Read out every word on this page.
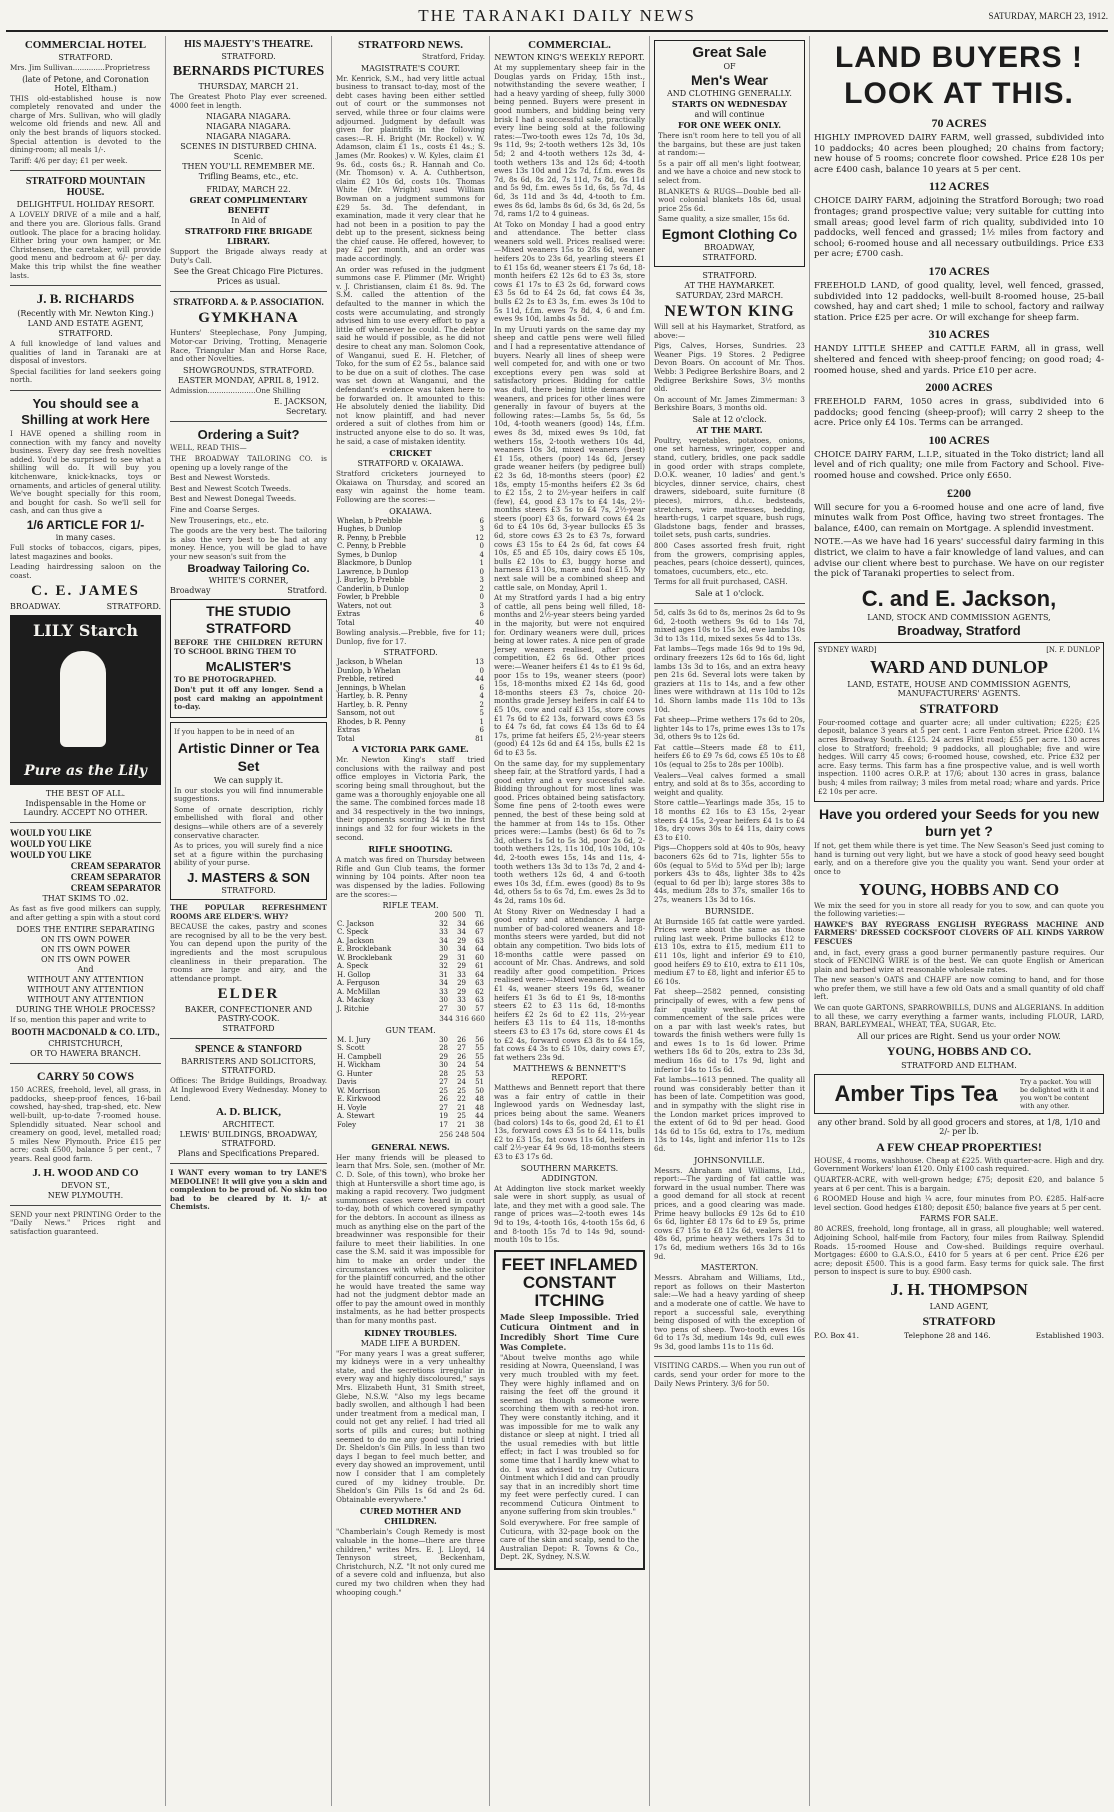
THE TARANAKI DAILY NEWS	SATURDAY, MARCH 23, 1912.
COMMERCIAL HOTEL
STRATFORD.
Mrs. Jim Sullivan..............Proprietress
(late of Petone, and Coronation Hotel, Eltham.)
THIS old-established house is now completely renovated and under the charge of Mrs. Sullivan, who will gladly welcome old friends and new. All and only the best brands of liquors stocked. Special attention is devoted to the dining-room; all meals 1/-.
Tariff: 4/6 per day; £1 per week.
STRATFORD MOUNTAIN HOUSE.
DELIGHTFUL HOLIDAY RESORT.
A LOVELY DRIVE of a mile and a half, and there you are. Glorious falls. Grand outlook. The place for a bracing holiday. Either bring your own hamper, or Mr. Christensen, the caretaker, will provide good menu and bedroom at 6/- per day. Make this trip whilst the fine weather lasts.
J. B. RICHARDS
(Recently with Mr. Newton King.)
LAND AND ESTATE AGENT,
STRATFORD.
A full knowledge of land values and qualities of land in Taranaki are at disposal of investors.
Special facilities for land seekers going north.
You should see a Shilling at work Here
I HAVE opened a shilling room in connection with my fancy and novelty business. Every day see fresh novelties added. You'd be surprised to see what a shilling will do. It will buy you kitchenware, knick-knacks, toys or ornaments, and articles of general utility. We've bought specially for this room, and bought for cash. So we'll sell for cash, and can thus give a
1/6 ARTICLE FOR 1/-
in many cases.
Full stocks of tobaccos, cigars, pipes, latest magazines and books.
Leading hairdressing saloon on the coast.
C. E. JAMES
BROADWAY.	STRATFORD.
LILY Starch
Pure as the Lily
THE BEST OF ALL.
Indispensable in the Home or Laundry. ACCEPT NO OTHER.
WOULD YOU LIKE
WOULD YOU LIKE
WOULD YOU LIKE
CREAM SEPARATOR
CREAM SEPARATOR
CREAM SEPARATOR
THAT SKIMS TO .02.
As fast as five good milkers can supply, and after getting a spin with a stout cord
DOES THE ENTIRE SEPARATING
ON ITS OWN POWER
ON ITS OWN POWER
ON ITS OWN POWER
And
WITHOUT ANY ATTENTION
WITHOUT ANY ATTENTION
WITHOUT ANY ATTENTION
DURING THE WHOLE PROCESS?
If so, mention this paper and write to
BOOTH MACDONALD & CO. LTD.,
CHRISTCHURCH,
OR TO HAWERA BRANCH.
CARRY 50 COWS
150 ACRES, freehold, level, all grass, in paddocks, sheep-proof fences, 16-bail cowshed, hay-shed, trap-shed, etc. New well-built, up-to-date 7-roomed house. Splendidly situated. Near school and creamery on good, level, metalled road; 5 miles New Plymouth. Price £15 per acre; cash £500, balance 5 per cent., 7 years. Real good farm.
J. H. WOOD AND CO
DEVON ST.,
NEW PLYMOUTH.
SEND your next PRINTING Order to the "Daily News." Prices right and satisfaction guaranteed.
HIS MAJESTY'S THEATRE.
STRATFORD.
BERNARDS PICTURES
THURSDAY, MARCH 21.
The Greatest Photo Play ever screened. 4000 feet in length.
NIAGARA NIAGARA.
NIAGARA NIAGARA.
NIAGARA NIAGARA.
SCENES IN DISTURBED CHINA.
Scenic.
THEN YOU'LL REMEMBER ME.
Trifling Beams, etc., etc.
FRIDAY, MARCH 22.
GREAT COMPLIMENTARY BENEFIT
In Aid of
STRATFORD FIRE BRIGADE LIBRARY.
Support the Brigade always ready at Duty's Call.
See the Great Chicago Fire Pictures.
Prices as usual.
STRATFORD A. & P. ASSOCIATION.
GYMKHANA
Hunters' Steeplechase, Pony Jumping, Motor-car Driving, Trotting, Menagerie Race, Triangular Man and Horse Race, and other Novelties.
SHOWGROUNDS, STRATFORD.
EASTER MONDAY, APRIL 8, 1912.
Admission.....................One Shilling
E. JACKSON,
Secretary.
Ordering a Suit?
WELL, READ THIS—
THE BROADWAY TAILORING CO. is opening up a lovely range of the
Best and Newest Worsteds.
Best and Newest Scotch Tweeds.
Best and Newest Donegal Tweeds.
Fine and Coarse Serges.
New Trouserings, etc., etc.
The goods are the very best. The tailoring is also the very best to be had at any money. Hence, you will be glad to have your new season's suit from the
Broadway Tailoring Co.
WHITE'S CORNER,
Broadway	Stratford.
THE STUDIO STRATFORD
BEFORE THE CHILDREN RETURN TO SCHOOL BRING THEM TO
McALISTER'S
TO BE PHOTOGRAPHED.
Don't put it off any longer. Send a post card making an appointment to-day.
If you happen to be in need of an
Artistic Dinner or Tea Set
We can supply it.
In our stocks you will find innumerable suggestions.
Some of ornate description, richly embellished with floral and other designs—while others are of a severely conservative character.
As to prices, you will surely find a nice set at a figure within the purchasing ability of your purse.
J. MASTERS & SON
STRATFORD.
THE POPULAR REFRESHMENT ROOMS ARE ELDER'S. WHY?
BECAUSE the cakes, pastry and scones are recognised by all to be the very best. You can depend upon the purity of the ingredients and the most scrupulous cleanliness in their preparation. The rooms are large and airy, and the attendance prompt.
ELDER
BAKER, CONFECTIONER AND PASTRY-COOK.
STRATFORD
SPENCE & STANFORD
BARRISTERS AND SOLICITORS, STRATFORD.
Offices: The Bridge Buildings, Broadway. At Inglewood Every Wednesday. Money to Lend.
A. D. BLICK,
ARCHITECT.
LEWIS' BUILDINGS, BROADWAY, STRATFORD.
Plans and Specifications Prepared.
I WANT every woman to try LANE'S MEDOLINE! It will give you a skin and complexion to be proud of. No skin too bad to be cleared by it. 1/- at Chemists.
STRATFORD NEWS.
Stratford, Friday.
MAGISTRATE'S COURT.
Mr. Kenrick, S.M., had very little actual business to transact to-day, most of the debt cases having been either settled out of court or the summonses not served, while three or four claims were adjourned. Judgment by default was given for plaintiffs in the following cases:—R. H. Bright (Mr. Rockel) v. W. Adamson, claim £1 1s., costs £1 4s.; S. James (Mr. Rookes) v. W. Kyles, claim £1 9s. 6d., costs 6s.; R. Hannah and Co. (Mr. Thomson) v. A. A. Cuthbertson, claim £2 10s 6d, costs 10s. Thomas White (Mr. Wright) sued William Bowman on a judgment summons for £29 5s. 3d. The defendant, in examination, made it very clear that he had not been in a position to pay the debt up to the present, sickness being the chief cause. He offered, however, to pay £2 per month, and an order was made accordingly.
An order was refused in the judgment summons case F. Plimmer (Mr. Wright) v. J. Christiansen, claim £1 8s. 9d. The S.M. called the attention of the defaulted to the manner in which the costs were accumulating, and strongly advised him to use every effort to pay a little off whenever he could. The debtor said he would if possible, as he did not desire to cheat any man. Solomon Cook, of Wanganui, sued E. H. Fletcher, of Toko, for the sum of £2 5s., balance said to be due on a suit of clothes. The case was set down at Wanganui, and the defendant's evidence was taken here to be forwarded on. It amounted to this: He absolutely denied the liability. Did not know plaintiff, and had never ordered a suit of clothes from him or instructed anyone else to do so. It was, he said, a case of mistaken identity.
CRICKET
STRATFORD v. OKAIAWA.
Stratford cricketers journeyed to Okaiawa on Thursday, and scored an easy win against the home team. Following are the scores:—
OKAIAWA.
Whelan, b Prebble	6
Hughes, b Dunlop	3
R. Penny, b Prebble	12
C. Penny, b Prebble	0
Symes, b Dunlop	4
Blackmore, b Dunlop	1
Lawrence, b Dunlop	0
J. Burley, b Prebble	3
Canderlin, b Dunlop	2
Fowler, b Prebble	0
Waters, not out	3
Extras	6
Total	40
Bowling analysis.—Prebble, five for 11; Dunlop, five for 17.
STRATFORD.
Jackson, b Whelan	13
Dunlop, b Whelan	0
Prebble, retired	44
Jennings, b Whelan	6
Hartley, b. R. Penny	4
Hartley, b. R. Penny	2
Sansom, not out	5
Rhodes, b R. Penny	1
Extras	6
Total	81
A VICTORIA PARK GAME.
Mr. Newton King's staff tried conclusions with the railway and post office employes in Victoria Park, the scoring being small throughout, but the game was a thoroughly enjoyable one all the same. The combined forces made 18 and 34 respectively in the two innings, their opponents scoring 34 in the first innings and 32 for four wickets in the second.
RIFLE SHOOTING.
A match was fired on Thursday between Rifle and Gun Club teams, the former winning by 104 points. After noon tea was dispensed by the ladies. Following are the scores:—
RIFLE TEAM.
	200	500	Tl.
C. Jackson	32	34	66
C. Speck	33	34	67
A. Jackson	34	29	63
E. Brocklebank	30	34	64
W. Brocklebank	29	31	60
A. Speck	32	29	61
H. Gollop	31	33	64
A. Ferguson	34	29	63
A. McMillan	33	29	62
A. Mackay	30	33	63
J. Ritchie	27	30	57
344 316 660
GUN TEAM.
M. I. Jury	30	26	56
S. Scott	28	27	55
H. Campbell	29	26	55
H. Wickham	30	24	54
G. Hunter	28	25	53
Davis	27	24	51
W. Morrison	25	25	50
E. Kirkwood	26	22	48
H. Voyle	27	21	48
A. Stewart	19	25	44
Foley	17	21	38
256 248 504
GENERAL NEWS.
Her many friends will be pleased to learn that Mrs. Sole, sen. (mother of Mr. C. D. Sole, of this town), who broke her thigh at Huntersville a short time ago, is making a rapid recovery. Two judgment summonses cases were heard in court to-day, both of which covered sympathy for the debtors. In account as illness as much as anything else on the part of the breadwinner was responsible for their failure to meet their liabilities. In one case the S.M. said it was impossible for him to make an order under the circumstances with which the solicitor for the plaintiff concurred, and the other he would have treated the same way had not the judgment debtor made an offer to pay the amount owed in monthly instalments, as he had better prospects than for many months past.
KIDNEY TROUBLES.
MADE LIFE A BURDEN.
"For many years I was a great sufferer, my kidneys were in a very unhealthy state, and the secretions irregular in every way and highly discoloured," says Mrs. Elizabeth Hunt, 31 Smith street, Glebe, N.S.W. "Also my legs became badly swollen, and although I had been under treatment from a medical man, I could not get any relief. I had tried all sorts of pills and cures; but nothing seemed to do me any good until I tried Dr. Sheldon's Gin Pills. In less than two days I began to feel much better, and every day showed an improvement, until now I consider that I am completely cured of my kidney trouble. Dr. Sheldon's Gin Pills 1s 6d and 2s 6d. Obtainable everywhere."
CURED MOTHER AND CHILDREN.
"Chamberlain's Cough Remedy is most valuable in the home—there are three children," writes Mrs. E. J. Lloyd, 14 Tennyson street, Beckenham, Christchurch, N.Z. "It not only cured me of a severe cold and influenza, but also cured my two children when they had whooping cough."
COMMERCIAL.
NEWTON KING'S WEEKLY REPORT.
At my supplementary sheep fair in the Douglas yards on Friday, 15th inst., notwithstanding the severe weather, I had a heavy yarding of sheep, fully 3000 being penned. Buyers were present in good numbers, and bidding being very brisk I had a successful sale, practically every line being sold at the following rates:—Two-tooth ewes 12s 7d, 10s 3d, 9s 11d, 9s; 2-tooth wethers 12s 3d, 10s 5d; 2 and 4-tooth wethers 12s 3d, 4-tooth wethers 13s and 12s 6d; 4-tooth ewes 13s 10d and 12s 7d, f.f.m. ewes 8s 7d, 8s 6d, 8s 2d, 7s 11d, 7s 8d, 6s 11d and 5s 9d, f.m. ewes 5s 1d, 6s, 5s 7d, 4s 6d, 3s 11d and 3s 4d, 4-tooth to f.m. ewes 8s 6d, lambs 8s 6d, 6s 3d, 6s 2d, 5s 7d, rams 1/2 to 4 guineas.
At Toko on Monday I had a good entry and attendance. The better class weaners sold well. Prices realised were:—Mixed weaners 15s to 28s 6d, weaner heifers 20s to 23s 6d, yearling steers £1 to £1 15s 6d, weaner steers £1 7s 6d, 18-month heifers £2 12s 6d to £3 3s, store cows £1 17s to £3 2s 6d, forward cows £3 5s 6d to £4 2s 6d, fat cows £4 3s, bulls £2 2s to £3 3s, f.m. ewes 3s 10d to 5s 11d, f.f.m. ewes 7s 8d, 4, 6 and f.m. ewes 9s 10d, lambs 4s 5d.
In my Uruuti yards on the same day my sheep and cattle pens were well filled and I had a representative attendance of buyers. Nearly all lines of sheep were well competed for, and with one or two exceptions every pen was sold at satisfactory prices. Bidding for cattle was dull, there being little demand for weaners, and prices for other lines were generally in favour of buyers at the following rates:—Lambs 5s, 5s 6d, 5s 10d, 4-tooth weaners (good) 14s, f.f.m. ewes 8s 3d, mixed ewes 9s 10d, fat wethers 15s, 2-tooth wethers 10s 4d, weaners 10s 3d, mixed weaners (best) £1 15s, others (poor) 14s 6d, Jersey grade weaner heifers (by pedigree bull) £2 3s 6d, 18-months steers (poor) £2 18s, empty 15-months heifers £2 3s 6d to £2 15s, 2 to 2½-year heifers in calf (few), £4, good £3 17s to £4 14s, 2½-months steers £3 5s to £4 7s, 2½-year steers (poor) £3 6s, forward cows £4 2s 6d to £4 10s 6d, 3-year bullocks £5 3s 6d, store cows £3 2s to £3 7s, forward cows £3 15s to £4 2s 6d, fat cows £4 10s, £5 and £5 10s, dairy cows £5 10s, bulls £2 10s to £3, buggy horse and harness £13 10s, mare and foal £15. My next sale will be a combined sheep and cattle sale, on Monday, April 1.
At my Stratford yards I had a big entry of cattle, all pens being well filled, 18-months and 2½-year steers being yarded in the majority, but were not enquired for. Ordinary weaners were dull, prices being at lower rates. A nice pen of grade Jersey weaners realised, after good competition, £2 6s 6d. Other prices were:—Weaner heifers £1 4s to £1 9s 6d, poor 15s to 19s, weaner steers (poor) 15s, 18-months mixed £2 14s 6d, good 18-months steers £3 7s, choice 20-months grade Jersey heifers in calf £4 to £5 10s, cow and calf £3 15s, store cows £1 7s 6d to £2 13s, forward cows £3 5s to £4 7s 6d, fat cows £4 13s 6d to £4 17s, prime fat heifers £5, 2½-year steers (good) £4 12s 6d and £4 15s, bulls £2 1s 6d to £3 5s.
On the same day, for my supplementary sheep fair, at the Stratford yards, I had a good entry and a very successful sale. Bidding throughout for most lines was good. Prices obtained being satisfactory. Some fine pens of 2-tooth ewes were penned, the best of these being sold at the hammer at from 14s to 15s. Other prices were:—Lambs (best) 6s 6d to 7s 3d, others 1s 5d to 5s 3d, poor 2s 6d, 2-tooth wethers 12s, 11s 10d, 10s 10d, 10s 4d, 2-tooth ewes 15s, 14s and 11s, 4-tooth wethers 13s 3d to 13s 7d, 2 and 4-tooth wethers 12s 6d, 4 and 6-tooth ewes 10s 3d, f.f.m. ewes (good) 8s to 9s 4d, others 5s to 6s 7d, f.m. ewes 2s 3d to 4s 2d, rams 10s 6d.
At Stony River on Wednesday I had a good entry and attendance. A large number of bad-colored weaners and 18-months steers were yarded, but did not obtain any competition. Two bids lots of 18-months cattle were passed on account of Mr. Chas. Andrews, and sold readily after good competition. Prices realised were:—Mixed weaners 15s 6d to £1 4s, weaner steers 19s 6d, weaner heifers £1 3s 6d to £1 9s, 18-months steers £2 to £3 11s 6d, 18-months heifers £2 2s 6d to £2 11s, 2½-year heifers £3 11s to £4 11s, 18-months steers £3 to £3 17s 6d, store cows £1 4s to £2 4s, forward cows £3 8s to £4 15s, fat cows £4 3s to £5 10s, dairy cows £7, fat wethers 23s 9d.
MATTHEWS & BENNETT'S REPORT.
Matthews and Bennett report that there was a fair entry of cattle in their Inglewood yards on Wednesday last, prices being about the same. Weaners (bad colors) 14s to 6s, good 2d, £1 to £1 13s, forward cows £3 5s to £4 11s, bulls £2 to £3 15s, fat cows 11s 6d, heifers in calf 2½-year £4 9s 6d, 18-months steers £3 to £3 17s 6d.
SOUTHERN MARKETS.
ADDINGTON.
At Addington live stock market weekly sale were in short supply, as usual of late, and they met with a good sale. The range of prices was—2-tooth ewes 14s 9d to 19s, 4-tooth 16s, 4-tooth 15s 6d, 6 and 8-tooth 15s 7d to 14s 9d, sound-mouth 10s to 15s.
FEET INFLAMED CONSTANT ITCHING
Made Sleep Impossible. Tried Cuticura Ointment and in Incredibly Short Time Cure Was Complete.
"About twelve months ago while residing at Nowra, Queensland, I was very much troubled with my feet. They were highly inflamed and on raising the feet off the ground it seemed as though someone were scorching them with a red-hot iron. They were constantly itching, and it was impossible for me to walk any distance or sleep at night. I tried all the usual remedies with but little effect; in fact I was troubled so for some time that I hardly knew what to do. I was advised to try Cuticura Ointment which I did and can proudly say that in an incredibly short time my feet were perfectly cured. I can recommend Cuticura Ointment to anyone suffering from skin troubles."
Sold everywhere. For free sample of Cuticura, with 32-page book on the care of the skin and scalp, send to the Australian Depot: R. Towns & Co., Dept. 2K, Sydney, N.S.W.
Great Sale
OF
Men's Wear
AND CLOTHING GENERALLY.
STARTS ON WEDNESDAY
and will continue
FOR ONE WEEK ONLY.
There isn't room here to tell you of all the bargains, but these are just taken at random:—
5s a pair off all men's light footwear, and we have a choice and new stock to select from.
BLANKETS & RUGS—Double bed all-wool colonial blankets 18s 6d, usual price 25s 6d.
Same quality, a size smaller, 15s 6d.
Egmont Clothing Co
BROADWAY,
STRATFORD.
STRATFORD.
AT THE HAYMARKET.
SATURDAY, 23rd MARCH.
NEWTON KING
Will sell at his Haymarket, Stratford, as above:—
Pigs, Calves, Horses, Sundries. 23 Weaner Pigs. 19 Stores. 2 Pedigree Devon Boars. On account of Mr. Thos. Webb: 3 Pedigree Berkshire Boars, and 2 Pedigree Berkshire Sows, 3½ months old.
On account of Mr. James Zimmerman: 3 Berkshire Boars, 3 months old.
Sale at 12 o'clock.
AT THE MART.
Poultry, vegetables, potatoes, onions, one set harness, wringer, copper and stand, cutlery, bridles, one pack saddle in good order with straps complete, D.O.K. weaner, 10 ladies' and gent.'s bicycles, dinner service, chairs, chest drawers, sideboard, suite furniture (8 pieces), mirrors, d.h.c. bedsteads, stretchers, wire mattresses, bedding, hearth-rugs, 1 carpet square, bush rugs, Gladstone bags, fender and brasses, toilet sets, push carts, sundries.
800 Cases assorted fresh fruit, right from the growers, comprising apples, peaches, pears (choice dessert), quinces, tomatoes, cucumbers, etc., etc.
Terms for all fruit purchased, CASH.
Sale at 1 o'clock.
5d, calfs 3s 6d to 8s, merinos 2s 6d to 9s 6d, 2-tooth wethers 9s 6d to 14s 7d, mixed ages 10s to 15s 3d, ewe lambs 10s 3d to 13s 11d, mixed sexes 5s 4d to 13s.
Fat lambs—Tegs made 16s 9d to 19s 9d, ordinary freezers 12s 6d to 16s 6d, light lambs 13s 3d to 16s, and an extra heavy pen 21s 6d. Several lots were taken by graziers at 11s to 14s, and a few other lines were withdrawn at 11s 10d to 12s 1d. Shorn lambs made 11s 10d to 13s 10d.
Fat sheep—Prime wethers 17s 6d to 20s, lighter 14s to 17s, prime ewes 13s to 17s 3d, others 9s to 12s 6d.
Fat cattle—Steers made £8 to £11, heifers £6 to £9 7s 6d, cows £5 10s to £8 10s (equal to 25s to 28s per 100lb).
Vealers—Veal calves formed a small entry, and sold at 8s to 35s, according to weight and quality.
Store cattle—Yearlings made 35s, 15 to 18 months £2 16s to £3 15s, 2-year steers £4 15s, 2-year heifers £4 1s to £4 18s, dry cows 30s to £4 11s, dairy cows £3 to £10.
Pigs—Choppers sold at 40s to 90s, heavy baconers 62s 6d to 71s, lighter 55s to 60s (equal to 5½d to 5¾d per lb); large porkers 43s to 48s, lighter 38s to 42s (equal to 6d per lb); large stores 38s to 44s, medium 28s to 37s, smaller 16s to 27s, weaners 13s 3d to 16s.
BURNSIDE.
At Burnside 165 fat cattle were yarded. Prices were about the same as those ruling last week. Prime bullocks £12 to £13 10s, extra to £15, medium £11 to £11 10s, light and inferior £9 to £10, good heifers £9 to £10, extra to £11 10s, medium £7 to £8, light and inferior £5 to £6 10s.
Fat sheep—2582 penned, consisting principally of ewes, with a few pens of fair quality wethers. At the commencement of the sale prices were on a par with last week's rates, but towards the finish wethers were fully 1s and ewes 1s to 1s 6d lower. Prime wethers 18s 6d to 20s, extra to 23s 3d, medium 16s 6d to 17s 9d, light and inferior 14s to 15s 6d.
Fat lambs—1613 penned. The quality all round was considerably better than it has been of late. Competition was good, and in sympathy with the slight rise in the London market prices improved to the extent of 6d to 9d per head. Good 14s 6d to 15s 6d, extra to 17s, medium 13s to 14s, light and inferior 11s to 12s 6d.
JOHNSONVILLE.
Messrs. Abraham and Williams, Ltd., report:—The yarding of fat cattle was forward in the usual number. There was a good demand for all stock at recent prices, and a good clearing was made. Prime heavy bullocks £9 12s 6d to £10 6s 6d, lighter £8 17s 6d to £9 5s, prime cows £7 15s to £8 12s 6d, vealers £1 to 48s 6d, prime heavy wethers 17s 3d to 17s 6d, medium wethers 16s 3d to 16s 9d.
MASTERTON.
Messrs. Abraham and Williams, Ltd., report as follows on their Masterton sale:—We had a heavy yarding of sheep and a moderate one of cattle. We have to report a successful sale, everything being disposed of with the exception of two pens of sheep. Two-tooth ewes 16s 6d to 17s 3d, medium 14s 9d, cull ewes 9s 3d, good lambs 11s to 11s 6d.
VISITING CARDS.— When you run out of cards, send your order for more to the Daily News Printery. 3/6 for 50.
LAND BUYERS !
LOOK AT THIS.
70 ACRES
HIGHLY IMPROVED DAIRY FARM, well grassed, subdivided into 10 paddocks; 40 acres been ploughed; 20 chains from factory; new house of 5 rooms; concrete floor cowshed. Price £28 10s per acre £400 cash, balance 10 years at 5 per cent.
112 ACRES
CHOICE DAIRY FARM, adjoining the Stratford Borough; two road frontages; grand prospective value; very suitable for cutting into small areas; good level farm of rich quality, subdivided into 10 paddocks, well fenced and grassed; 1½ miles from factory and school; 6-roomed house and all necessary outbuildings. Price £33 per acre; £700 cash.
170 ACRES
FREEHOLD LAND, of good quality, level, well fenced, grassed, subdivided into 12 paddocks, well-built 8-roomed house, 25-bail cowshed, hay and cart shed; 1 mile to school, factory and railway station. Price £25 per acre. Or will exchange for sheep farm.
310 ACRES
HANDY LITTLE SHEEP and CATTLE FARM, all in grass, well sheltered and fenced with sheep-proof fencing; on good road; 4-roomed house, shed and yards. Price £10 per acre.
2000 ACRES
FREEHOLD FARM, 1050 acres in grass, subdivided into 6 paddocks; good fencing (sheep-proof); will carry 2 sheep to the acre. Price only £4 10s. Terms can be arranged.
100 ACRES
CHOICE DAIRY FARM, L.I.P., situated in the Toko district; land all level and of rich quality; one mile from Factory and School. Five-roomed house and cowshed. Price only £650.
£200
Will secure for you a 6-roomed house and one acre of land, five minutes walk from Post Office, having two street frontages. The balance, £400, can remain on Mortgage. A splendid investment.
NOTE.—As we have had 16 years' successful dairy farming in this district, we claim to have a fair knowledge of land values, and can advise our client where best to purchase. We have on our register the pick of Taranaki properties to select from.
C. and E. Jackson,
LAND, STOCK AND COMMISSION AGENTS,
Broadway, Stratford
SYDNEY WARD]	[N. F. DUNLOP
WARD AND DUNLOP
LAND, ESTATE, HOUSE AND COMMISSION AGENTS, MANUFACTURERS' AGENTS.
STRATFORD
Four-roomed cottage and quarter acre; all under cultivation; £225; £25 deposit, balance 3 years at 5 per cent. 1 acre Fenton street. Price £200. 1¼ acres Broadway South. £125. 24 acres Flint road; £55 per acre. 130 acres close to Stratford; freehold; 9 paddocks, all ploughable; five and wire hedges. Will carry 45 cows; 6-roomed house, cowshed, etc. Price £32 per acre. Easy terms. This farm has a fine prospective value, and is well worth inspection. 1100 acres O.R.P. at 17/6; about 130 acres in grass, balance bush; 4 miles from railway; 3 miles from metal road; whare and yards. Price £2 10s per acre.
Have you ordered your Seeds for you new burn yet ?
If not, get them while there is yet time. The New Season's Seed just coming to hand is turning out very light, but we have a stock of good heavy seed bought early, and on a therefore give you the quality you want. Send your order at once to
YOUNG, HOBBS AND CO
We mix the seed for you in store all ready for you to sow, and can quote you the following varieties:—
HAWKE'S BAY RYEGRASS ENGLISH RYEGRASS MACHINE AND FARMERS' DRESSED COCKSFOOT CLOVERS OF ALL KINDS YARROW FESCUES
and, in fact, every grass a good burner permanently pasture requires. Our stock of FENCING WIRE is of the best. We can quote English or American plain and barbed wire at reasonable wholesale rates.
The new season's OATS and CHAFF are now coming to hand, and for those who prefer them, we still have a few old Oats and a small quantity of old chaff left.
We can quote GARTONS, SPARROWBILLS, DUNS and ALGERIANS. In addition to all these, we carry everything a farmer wants, including FLOUR, LARD, BRAN, BARLEYMEAL, WHEAT, TEA, SUGAR, Etc.
All our prices are Right. Send us your order NOW.
YOUNG, HOBBS AND CO.
STRATFORD AND ELTHAM.
Amber Tips Tea	Try a packet. You will be delighted with it and you won't be content with any other.
any other brand. Sold by all good grocers and stores, at 1/8, 1/10 and 2/- per lb.
A FEW CHEAP PROPERTIES!
HOUSE, 4 rooms, washhouse. Cheap at £225. With quarter-acre. High and dry. Government Workers' loan £120. Only £100 cash required.
QUARTER-ACRE, with well-grown hedge; £75; deposit £20, and balance 5 years at 6 per cent. This is a bargain.
6 ROOMED House and high ¼ acre, four minutes from P.O. £285. Half-acre level section. Good hedges £180; deposit £50; balance five years at 5 per cent.
FARMS FOR SALE.
80 ACRES, freehold, long frontage, all in grass, all ploughable; well watered. Adjoining School, half-mile from Factory, four miles from Railway. Splendid Roads. 15-roomed House and Cow-shed. Buildings require overhaul. Mortgages: £600 to G.A.S.O., £410 for 5 years at 6 per cent. Price £26 per acre; deposit £500. This is a good farm. Easy terms for quick sale. The first person to inspect is sure to buy. £900 cash.
J. H. THOMPSON
LAND AGENT,
STRATFORD
P.O. Box 41.	Telephone 28 and 146.	Established 1903.
